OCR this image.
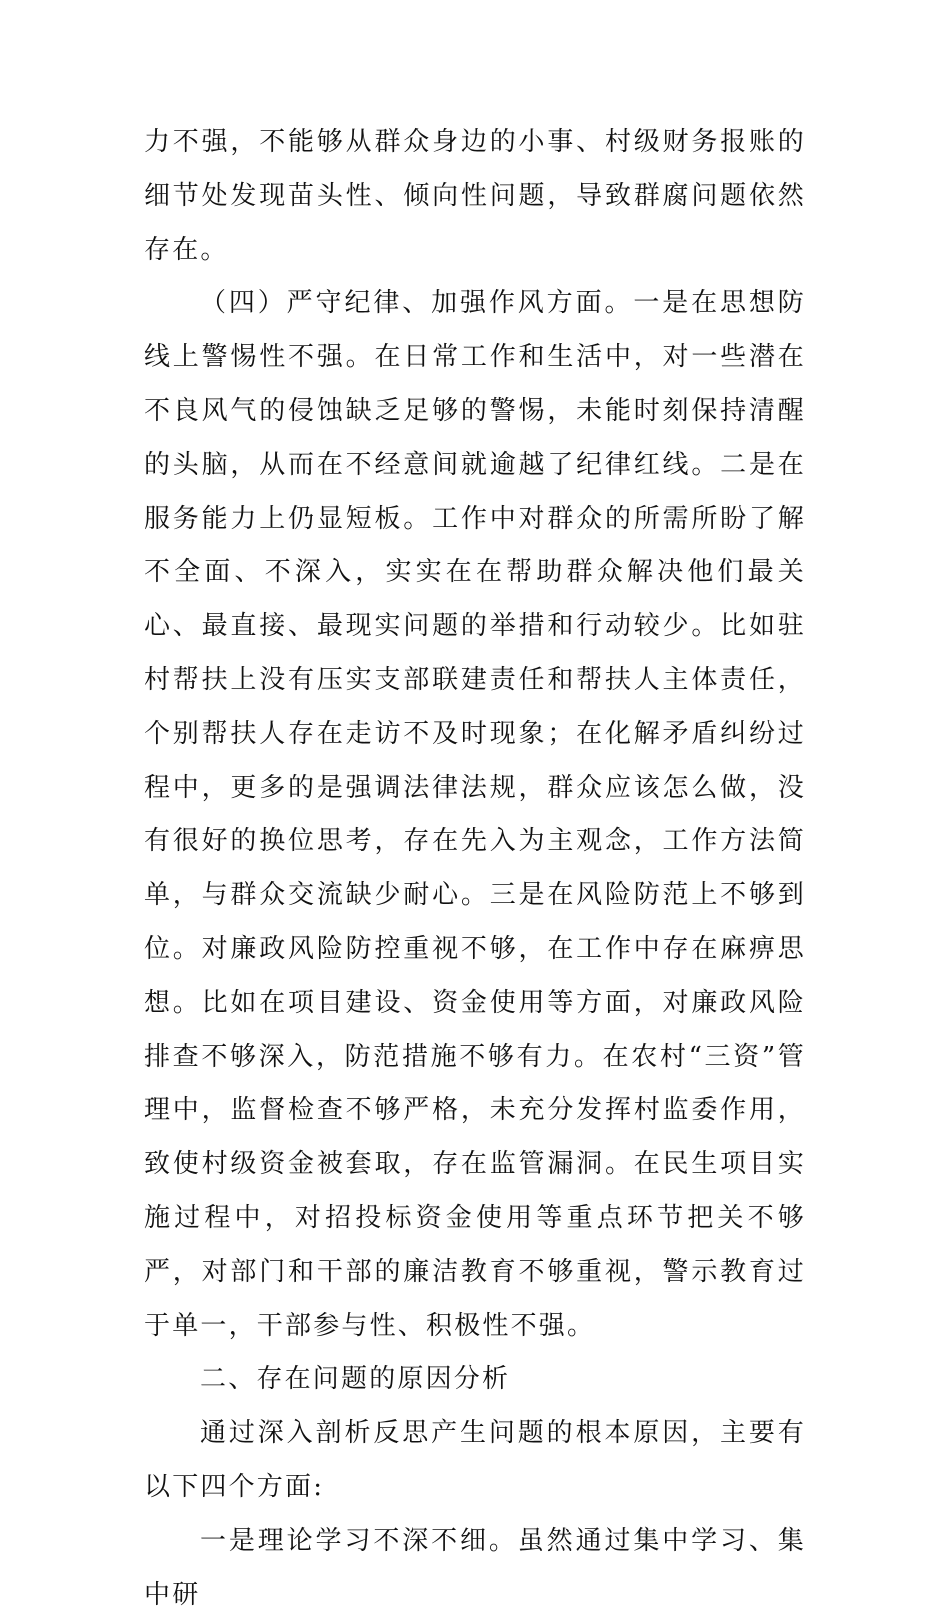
力不强，不能够从群众身边的小事、村级财务报账的细节处发现苗头性、倾向性问题，导致群腐问题依然存在。

（四）严守纪律、加强作风方面。一是在思想防线上警惕性不强。在日常工作和生活中，对一些潜在不良风气的侵蚀缺乏足够的警惕，未能时刻保持清醒的头脑，从而在不经意间就逾越了纪律红线。二是在服务能力上仍显短板。工作中对群众的所需所盼了解不全面、不深入，实实在在帮助群众解决他们最关心、最直接、最现实问题的举措和行动较少。比如驻村帮扶上没有压实支部联建责任和帮扶人主体责任，个别帮扶人存在走访不及时现象；在化解矛盾纠纷过程中，更多的是强调法律法规，群众应该怎么做，没有很好的换位思考，存在先入为主观念，工作方法简单，与群众交流缺少耐心。三是在风险防范上不够到位。对廉政风险防控重视不够，在工作中存在麻痹思想。比如在项目建设、资金使用等方面，对廉政风险排查不够深入，防范措施不够有力。在农村“三资”管理中，监督检查不够严格，未充分发挥村监委作用，致使村级资金被套取，存在监管漏洞。在民生项目实施过程中，对招投标资金使用等重点环节把关不够严，对部门和干部的廉洁教育不够重视，警示教育过于单一，干部参与性、积极性不强。

二、存在问题的原因分析

通过深入剖析反思产生问题的根本原因，主要有以下四个方面:

一是理论学习不深不细。虽然通过集中学习、集中研
